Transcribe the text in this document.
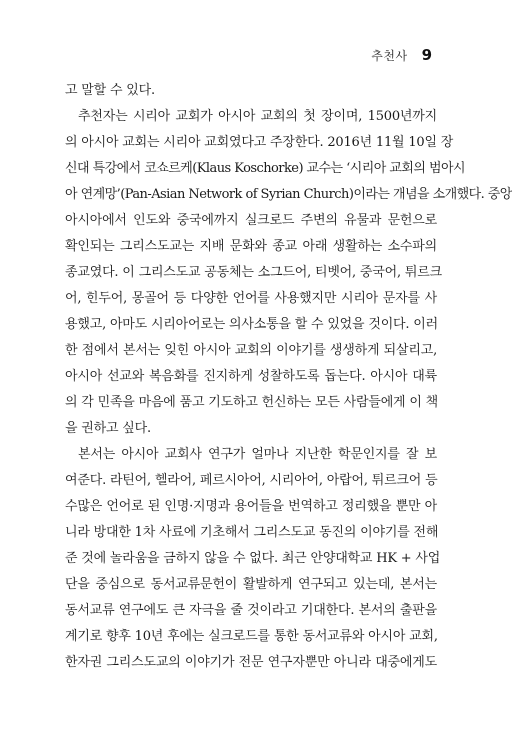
추천사 9
고 말할 수 있다.
추천자는 시리아 교회가 아시아 교회의 첫 장이며, 1500년까지
의 아시아 교회는 시리아 교회였다고 주장한다. 2016년 11월 10일 장
신대 특강에서 코쇼르케(Klaus Koschorke) 교수는 ‘시리아 교회의 범아시
아 연계망’(Pan-Asian Network of Syrian Church)이라는 개념을 소개했다. 중앙
아시아에서 인도와 중국에까지 실크로드 주변의 유물과 문헌으로
확인되는 그리스도교는 지배 문화와 종교 아래 생활하는 소수파의
종교였다. 이 그리스도교 공동체는 소그드어, 티벳어, 중국어, 튀르크
어, 힌두어, 몽골어 등 다양한 언어를 사용했지만 시리아 문자를 사
용했고, 아마도 시리아어로는 의사소통을 할 수 있었을 것이다. 이러
한 점에서 본서는 잊힌 아시아 교회의 이야기를 생생하게 되살리고,
아시아 선교와 복음화를 진지하게 성찰하도록 돕는다. 아시아 대륙
의 각 민족을 마음에 품고 기도하고 헌신하는 모든 사람들에게 이 책
을 권하고 싶다.
본서는 아시아 교회사 연구가 얼마나 지난한 학문인지를 잘 보
여준다. 라틴어, 헬라어, 페르시아어, 시리아어, 아랍어, 튀르크어 등
수많은 언어로 된 인명·지명과 용어들을 번역하고 정리했을 뿐만 아
니라 방대한 1차 사료에 기초해서 그리스도교 동진의 이야기를 전해
준 것에 놀라움을 금하지 않을 수 없다. 최근 안양대학교 HK + 사업
단을 중심으로 동서교류문헌이 활발하게 연구되고 있는데, 본서는
동서교류 연구에도 큰 자극을 줄 것이라고 기대한다. 본서의 출판을
계기로 향후 10년 후에는 실크로드를 통한 동서교류와 아시아 교회,
한자권 그리스도교의 이야기가 전문 연구자뿐만 아니라 대중에게도
